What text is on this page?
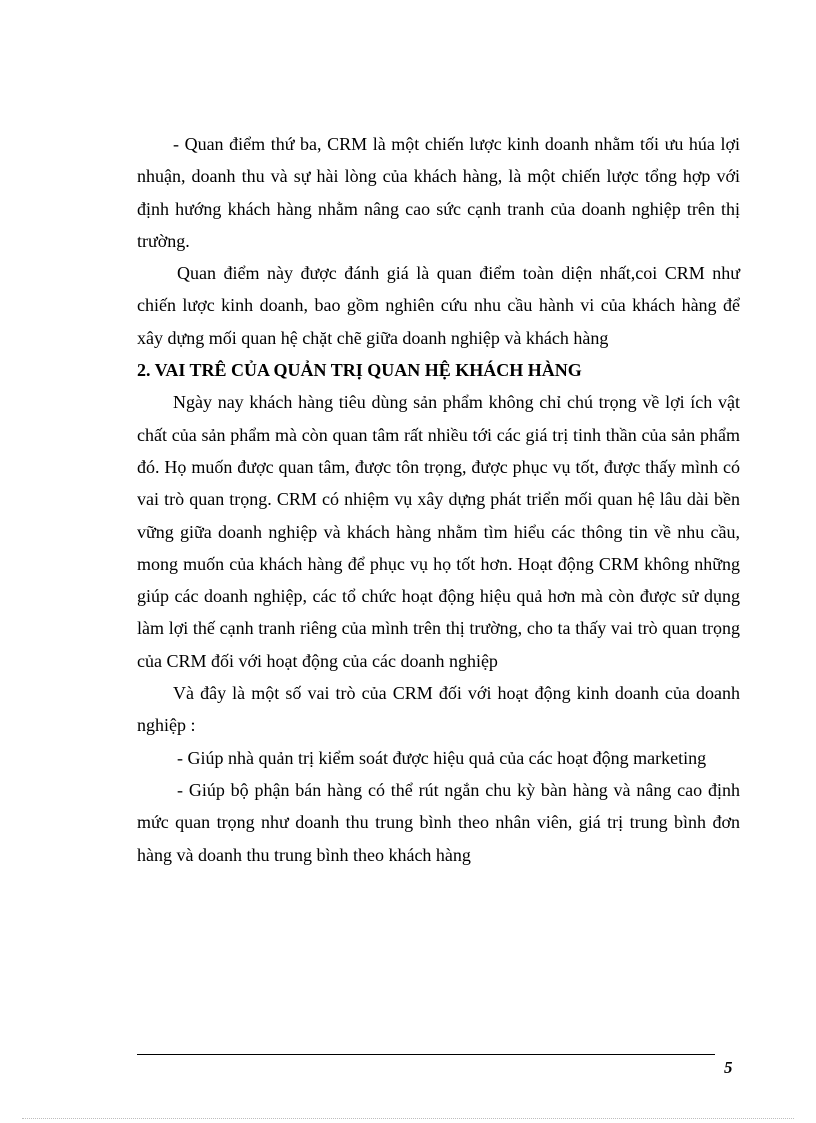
- Quan điểm thứ ba, CRM là một chiến lược kinh doanh nhằm tối ưu húa lợi nhuận, doanh thu và sự hài lòng của khách hàng, là một chiến lược tổng hợp với định hướng khách hàng nhằm nâng cao sức cạnh tranh của doanh nghiệp trên thị trường.

Quan điểm này được đánh giá là quan điểm toàn diện nhất,coi CRM như chiến lược kinh doanh, bao gồm nghiên cứu nhu cầu hành vi của khách hàng để xây dựng mối quan hệ chặt chẽ giữa doanh nghiệp và khách hàng

2. VAI TRÊ CỦA QUẢN TRỊ QUAN HỆ KHÁCH HÀNG

Ngày nay khách hàng tiêu dùng sản phẩm không chỉ chú trọng về lợi ích vật chất của sản phẩm mà còn quan tâm rất nhiều tới các giá trị tinh thần của sản phẩm đó. Họ muốn được quan tâm, được tôn trọng, được phục vụ tốt, được thấy mình có vai trò quan trọng. CRM có nhiệm vụ xây dựng phát triển mối quan hệ lâu dài bền vững giữa doanh nghiệp và khách hàng nhằm tìm hiểu các thông tin về nhu cầu, mong muốn của khách hàng để phục vụ họ tốt hơn. Hoạt động CRM không những giúp các doanh nghiệp, các tổ chức hoạt động hiệu quả hơn mà còn được sử dụng làm lợi thế cạnh tranh riêng của mình trên thị trường, cho ta thấy vai trò quan trọng của CRM đối với hoạt động của các doanh nghiệp

Và đây là một số vai trò của CRM đối với hoạt động kinh doanh của doanh nghiệp :

- Giúp nhà quản trị kiểm soát được hiệu quả của các hoạt động marketing

- Giúp bộ phận bán hàng có thể rút ngắn chu kỳ bàn hàng và nâng cao định mức quan trọng như doanh thu trung bình theo nhân viên, giá trị trung bình đơn hàng và doanh thu trung bình theo khách hàng

5
